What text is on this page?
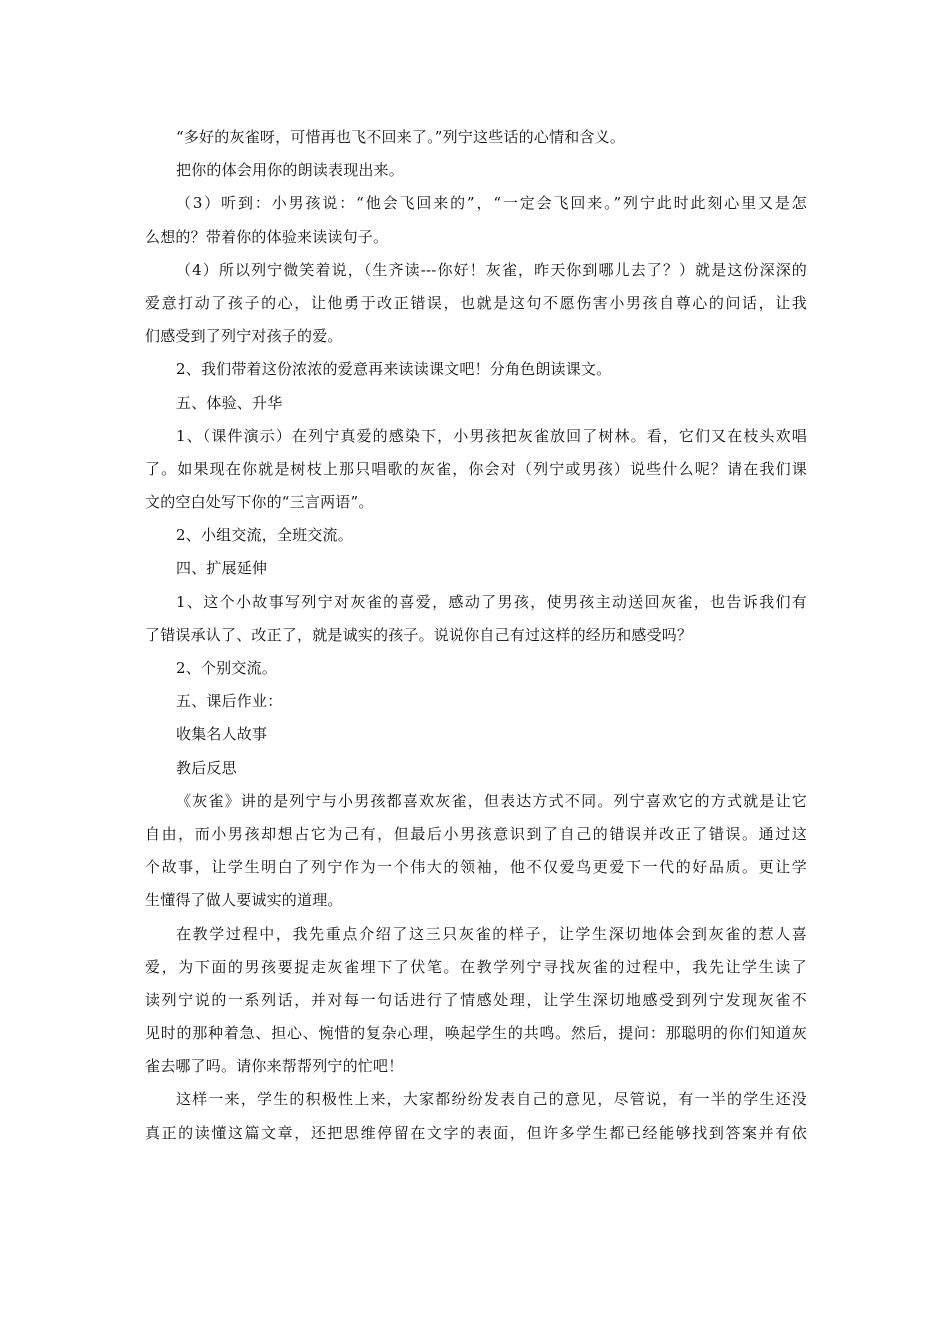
“多好的灰雀呀，可惜再也飞不回来了。”列宁这些话的心情和含义。
把你的体会用你的朗读表现出来。
（3）听到：小男孩说：“他会飞回来的”，“一定会飞回来。”列宁此时此刻心里又是怎
么想的？带着你的体验来读读句子。
（4）所以列宁微笑着说，（生齐读---你好！灰雀，昨天你到哪儿去了？）就是这份深深的
爱意打动了孩子的心，让他勇于改正错误，也就是这句不愿伤害小男孩自尊心的问话，让我
们感受到了列宁对孩子的爱。
2、我们带着这份浓浓的爱意再来读读课文吧！分角色朗读课文。
五、体验、升华
1、（课件演示）在列宁真爱的感染下，小男孩把灰雀放回了树林。看，它们又在枝头欢唱
了。如果现在你就是树枝上那只唱歌的灰雀，你会对（列宁或男孩）说些什么呢？请在我们课
文的空白处写下你的“三言两语”。
2、小组交流，全班交流。
四、扩展延伸
1、这个小故事写列宁对灰雀的喜爱，感动了男孩，使男孩主动送回灰雀，也告诉我们有
了错误承认了、改正了，就是诚实的孩子。说说你自己有过这样的经历和感受吗？
2、个别交流。
五、课后作业：
收集名人故事
教后反思
《灰雀》讲的是列宁与小男孩都喜欢灰雀，但表达方式不同。列宁喜欢它的方式就是让它
自由，而小男孩却想占它为己有，但最后小男孩意识到了自己的错误并改正了错误。通过这
个故事，让学生明白了列宁作为一个伟大的领袖，他不仅爱鸟更爱下一代的好品质。更让学
生懂得了做人要诚实的道理。
在教学过程中，我先重点介绍了这三只灰雀的样子，让学生深切地体会到灰雀的惹人喜
爱，为下面的男孩要捉走灰雀埋下了伏笔。在教学列宁寻找灰雀的过程中，我先让学生读了
读列宁说的一系列话，并对每一句话进行了情感处理，让学生深切地感受到列宁发现灰雀不
见时的那种着急、担心、惋惜的复杂心理，唤起学生的共鸣。然后，提问：那聪明的你们知道灰
雀去哪了吗。请你来帮帮列宁的忙吧！
这样一来，学生的积极性上来，大家都纷纷发表自己的意见，尽管说，有一半的学生还没
真正的读懂这篇文章，还把思维停留在文字的表面，但许多学生都已经能够找到答案并有依
